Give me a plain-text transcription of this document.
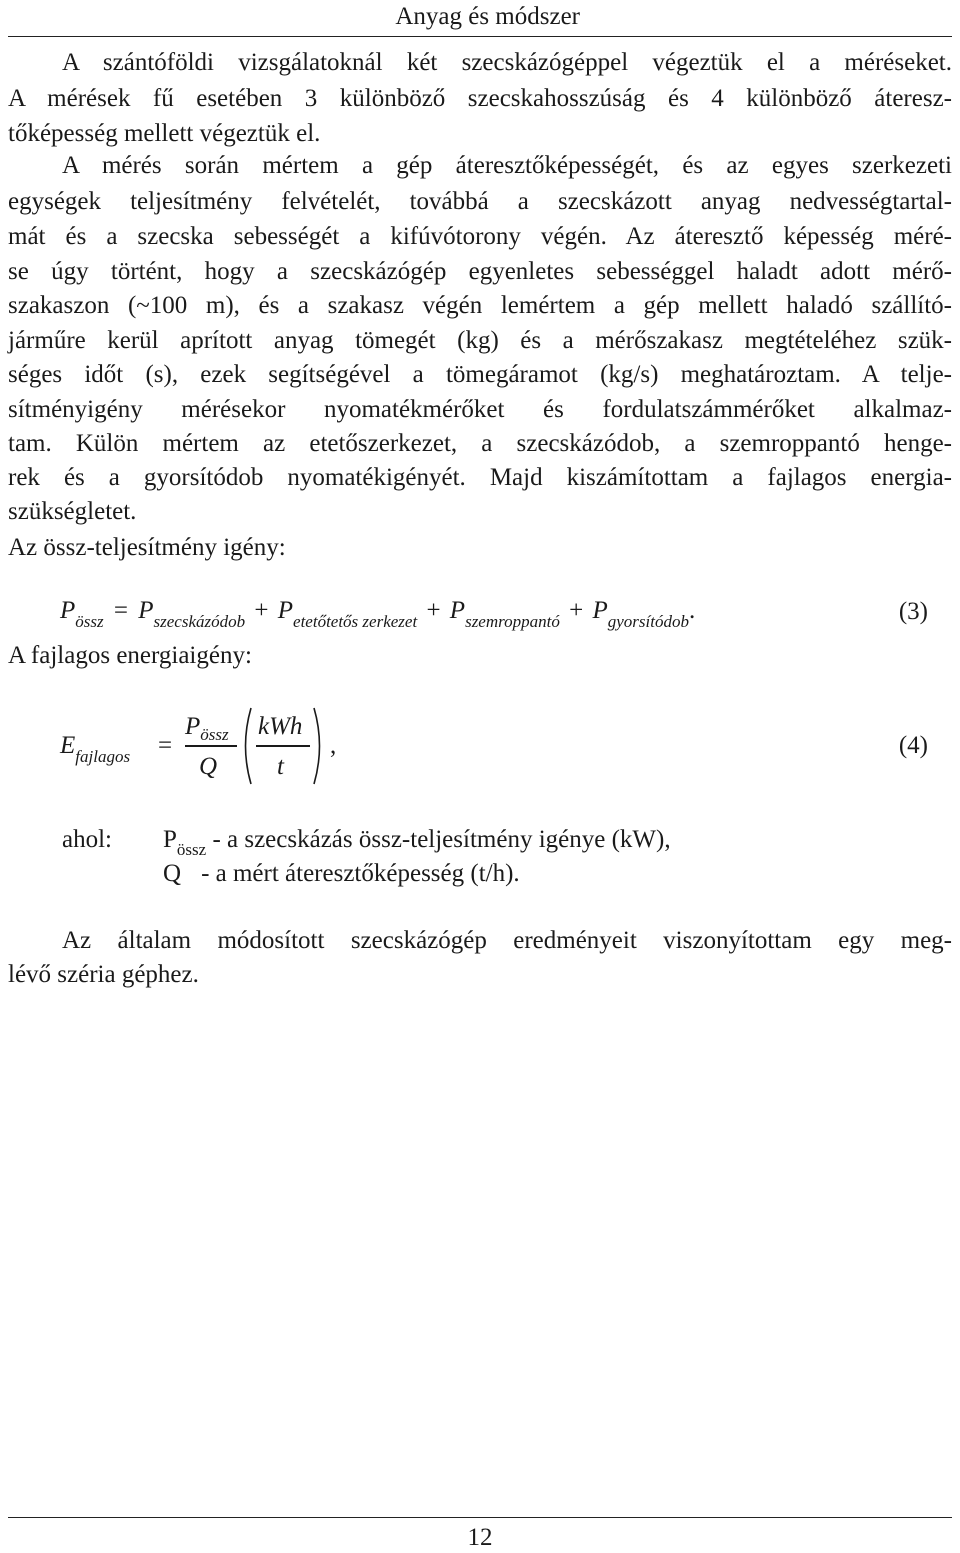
Anyag és módszer
A szántóföldi vizsgálatoknál két szecskázógéppel végeztük el a méréseket.
A mérések fű esetében 3 különböző szecskahosszúság és 4 különböző áteresz-
tőképesség mellett végeztük el.
A mérés során mértem a gép áteresztőképességét, és az egyes szerkezeti
egységek teljesítmény felvételét, továbbá a szecskázott anyag nedvességtartal-
mát és a szecska sebességét a kifúvótorony végén. Az áteresztő képesség méré-
se úgy történt, hogy a szecskázógép egyenletes sebességgel haladt adott mérő-
szakaszon (~100 m), és a szakasz végén lemértem a gép mellett haladó szállító-
járműre kerül aprított anyag tömegét (kg) és a mérőszakasz megtételéhez szük-
séges időt (s), ezek segítségével a tömegáramot (kg/s) meghatároztam. A telje-
sítményigény mérésekor nyomatékmérőket és fordulatszámmérőket alkalmaz-
tam. Külön mértem az etetőszerkezet, a szecskázódob, a szemroppantó henge-
rek és a gyorsítódob nyomatékigényét. Majd kiszámítottam a fajlagos energia-
szükségletet.
Az össz-teljesítmény igény:
$P_{össz} = P_{szecskázódob} + P_{etetőtetős zerkezet} + P_{szemroppantó} + P_{gyorsítódob}$.	(3)
A fajlagos energiaigény:
$E_{fajlagos}$ =
$P_{össz}$
Q
kWh
t
,	(4)
ahol: $P_{össz}$ - a szecskázás össz-teljesítmény igénye (kW),
Q - a mért áteresztőképesség (t/h).
Az általam módosított szecskázógép eredményeit viszonyítottam egy meg-
lévő széria géphez.
12
